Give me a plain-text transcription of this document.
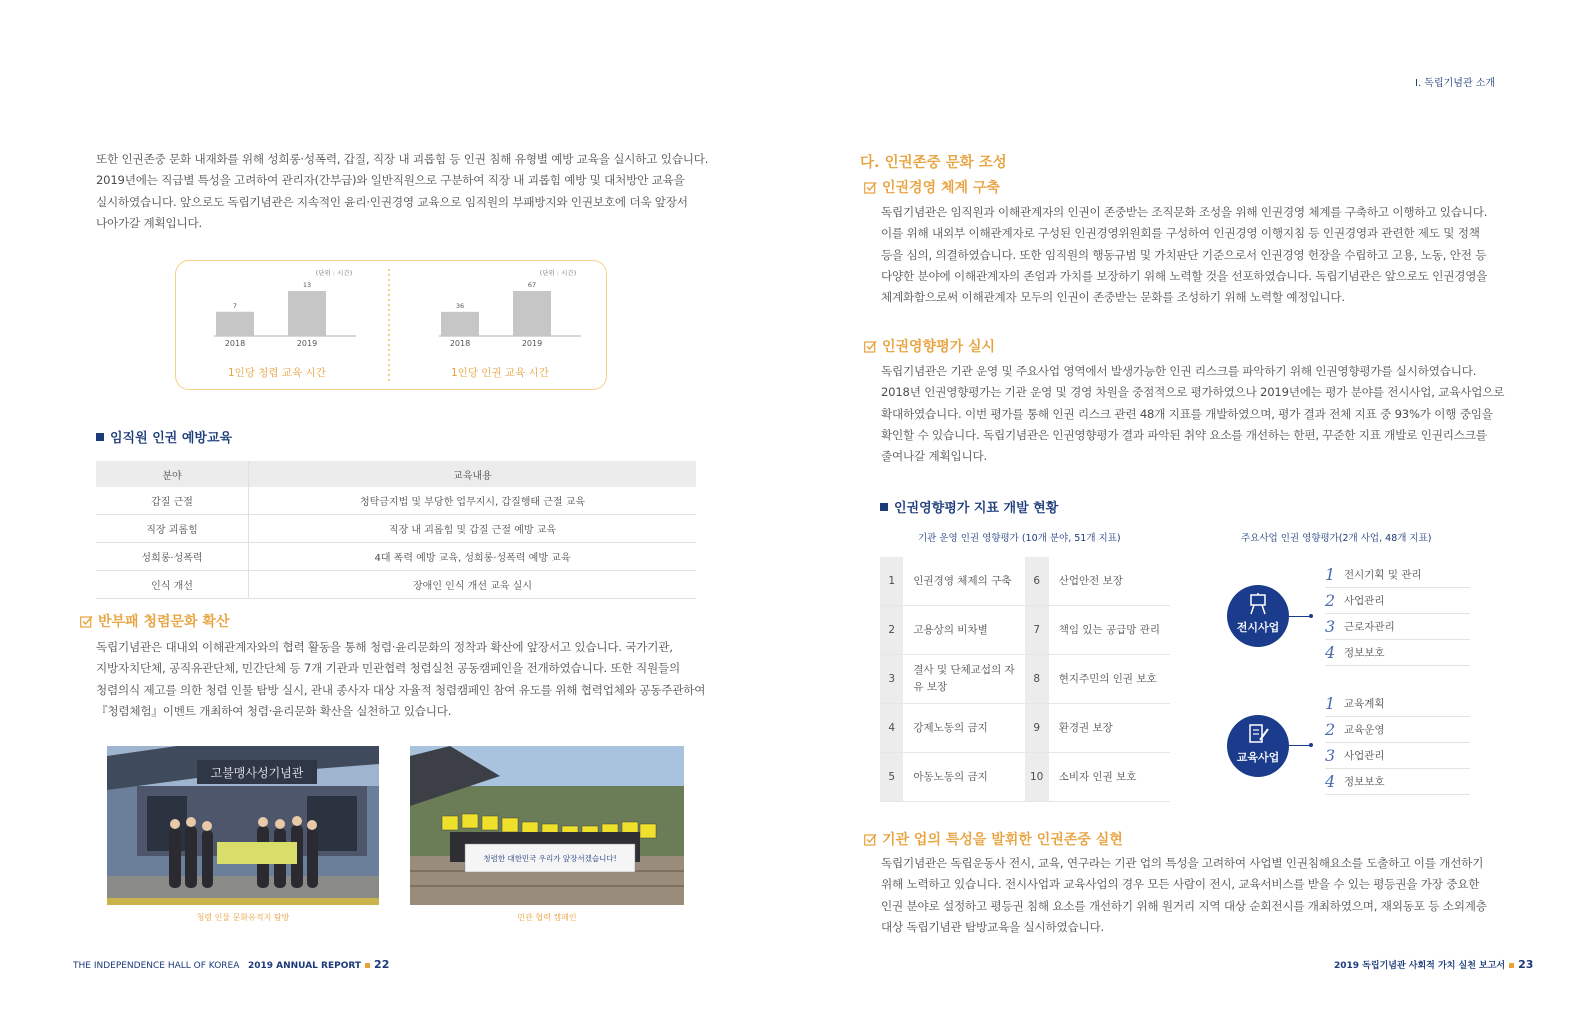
I. 독립기념관 소개
또한 인권존중 문화 내재화를 위해 성희롱·성폭력, 갑질, 직장 내 괴롭힘 등 인권 침해 유형별 예방 교육을 실시하고 있습니다.
2019년에는 직급별 특성을 고려하여 관리자(간부급)와 일반직원으로 구분하여 직장 내 괴롭힘 예방 및 대처방안 교육을
실시하였습니다. 앞으로도 독립기념관은 지속적인 윤리·인권경영 교육으로 임직원의 부패방지와 인권보호에 더욱 앞장서
나아가갈 계획입니다.
(단위 : 시간)
7
2018
13
2019
(단위 : 시간)
36
2018
67
2019
1인당 청렴 교육 시간	1인당 인권 교육 시간
임직원 인권 예방교육
분야	교육내용
갑질 근절	청탁금지법 및 부당한 업무지시, 갑질행태 근절 교육
직장 괴롭힘	직장 내 괴롭힘 및 갑질 근절 예방 교육
성희롱·성폭력	4대 폭력 예방 교육, 성희롱·성폭력 예방 교육
인식 개선	장애인 인식 개선 교육 실시
반부패 청렴문화 확산
독립기념관은 대내외 이해관계자와의 협력 활동을 통해 청렴·윤리문화의 정착과 확산에 앞장서고 있습니다. 국가기관,
지방자치단체, 공직유관단체, 민간단체 등 7개 기관과 민관협력 청렴실천 공동캠페인을 전개하였습니다. 또한 직원들의
청렴의식 제고를 의한 청렴 인물 탐방 실시, 관내 종사자 대상 자율적 청렴캠페인 참여 유도를 위해 협력업체와 공동주관하여
『청렴체험』이벤트 개최하여 청렴·윤리문화 확산을 실천하고 있습니다.
고불맹사성기념관
청렴 인물 문화유적지 탐방
청렴한 대한민국 우리가 앞장서겠습니다!
민관 협력 캠페인
THE INDEPENDENCE HALL OF KOREA 2019 ANNUAL REPORT 22
다. 인권존중 문화 조성
인권경영 체계 구축
독립기념관은 임직원과 이해관계자의 인권이 존중받는 조직문화 조성을 위해 인권경영 체계를 구축하고 이행하고 있습니다.
이를 위해 내외부 이해관계자로 구성된 인권경영위원회를 구성하여 인권경영 이행지침 등 인권경영과 관련한 제도 및 정책
등을 심의, 의결하였습니다. 또한 임직원의 행동규범 및 가치판단 기준으로서 인권경영 헌장을 수립하고 고용, 노동, 안전 등
다양한 분야에 이해관계자의 존엄과 가치를 보장하기 위해 노력할 것을 선포하였습니다. 독립기념관은 앞으로도 인권경영을
체계화함으로써 이해관계자 모두의 인권이 존중받는 문화를 조성하기 위해 노력할 예정입니다.
인권영향평가 실시
독립기념관은 기관 운영 및 주요사업 영역에서 발생가능한 인권 리스크를 파악하기 위해 인권영향평가를 실시하였습니다.
2018년 인권영향평가는 기관 운영 및 경영 차원을 중점적으로 평가하였으나 2019년에는 평가 분야를 전시사업, 교육사업으로
확대하였습니다. 이번 평가를 통해 인권 리스크 관련 48개 지표를 개발하였으며, 평가 결과 전체 지표 중 93%가 이행 중임을
확인할 수 있습니다. 독립기념관은 인권영향평가 결과 파악된 취약 요소를 개선하는 한편, 꾸준한 지표 개발로 인권리스크를
줄여나갈 계획입니다.
인권영향평가 지표 개발 현황
기관 운영 인권 영향평가 (10개 분야, 51개 지표)	주요사업 인권 영향평가(2개 사업, 48개 지표)
1	인권경영 체제의 구축	6	산업안전 보장
2	고용상의 비차별	7	책임 있는 공급망 관리
3	결사 및 단체교섭의 자유 보장	8	현지주민의 인권 보호
4	강제노동의 금지	9	환경권 보장
5	아동노동의 금지	10	소비자 인권 보호
전시사업
1 전시기획 및 관리
2 사업관리
3 근로자관리
4 정보보호
교육사업
1 교육계획
2 교육운영
3 사업관리
4 정보보호
기관 업의 특성을 발휘한 인권존중 실현
독립기념관은 독립운동사 전시, 교육, 연구라는 기관 업의 특성을 고려하여 사업별 인권침해요소를 도출하고 이를 개선하기
위해 노력하고 있습니다. 전시사업과 교육사업의 경우 모든 사람이 전시, 교육서비스를 받을 수 있는 평등권을 가장 중요한
인권 분야로 설정하고 평등권 침해 요소를 개선하기 위해 원거리 지역 대상 순회전시를 개최하였으며, 재외동포 등 소외계층
대상 독립기념관 탐방교육을 실시하였습니다.
2019 독립기념관 사회적 가치 실천 보고서 23
